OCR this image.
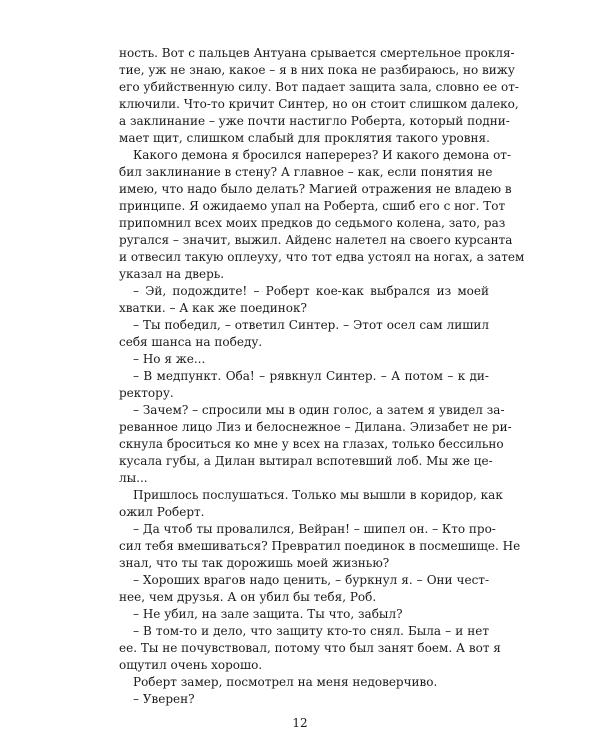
ность. Вот с пальцев Антуана срывается смертельное прокля-
тие, уж не знаю, какое – я в них пока не разбираюсь, но вижу
его убийственную силу. Вот падает защита зала, словно ее от-
ключили. Что-то кричит Синтер, но он стоит слишком далеко,
а заклинание – уже почти настигло Роберта, который подни-
мает щит, слишком слабый для проклятия такого уровня.
Какого демона я бросился наперерез? И какого демона от-
бил заклинание в стену? А главное – как, если понятия не
имею, что надо было делать? Магией отражения не владею в
принципе. Я ожидаемо упал на Роберта, сшиб его с ног. Тот
припомнил всех моих предков до седьмого колена, зато, раз
ругался – значит, выжил. Айденс налетел на своего курсанта
и отвесил такую оплеуху, что тот едва устоял на ногах, а затем
указал на дверь.
– Эй, подождите! – Роберт кое-как выбрался из моей
хватки. – А как же поединок?
– Ты победил, – ответил Синтер. – Этот осел сам лишил
себя шанса на победу.
– Но я же...
– В медпункт. Оба! – рявкнул Синтер. – А потом – к ди-
ректору.
– Зачем? – спросили мы в один голос, а затем я увидел за-
реванное лицо Лиз и белоснежное – Дилана. Элизабет не ри-
скнула броситься ко мне у всех на глазах, только бессильно
кусала губы, а Дилан вытирал вспотевший лоб. Мы же це-
лы...
Пришлось послушаться. Только мы вышли в коридор, как
ожил Роберт.
– Да чтоб ты провалился, Вейран! – шипел он. – Кто про-
сил тебя вмешиваться? Превратил поединок в посмешище. Не
знал, что ты так дорожишь моей жизнью?
– Хороших врагов надо ценить, – буркнул я. – Они чест-
нее, чем друзья. А он убил бы тебя, Роб.
– Не убил, на зале защита. Ты что, забыл?
– В том-то и дело, что защиту кто-то снял. Была – и нет
ее. Ты не почувствовал, потому что был занят боем. А вот я
ощутил очень хорошо.
Роберт замер, посмотрел на меня недоверчиво.
– Уверен?
12
